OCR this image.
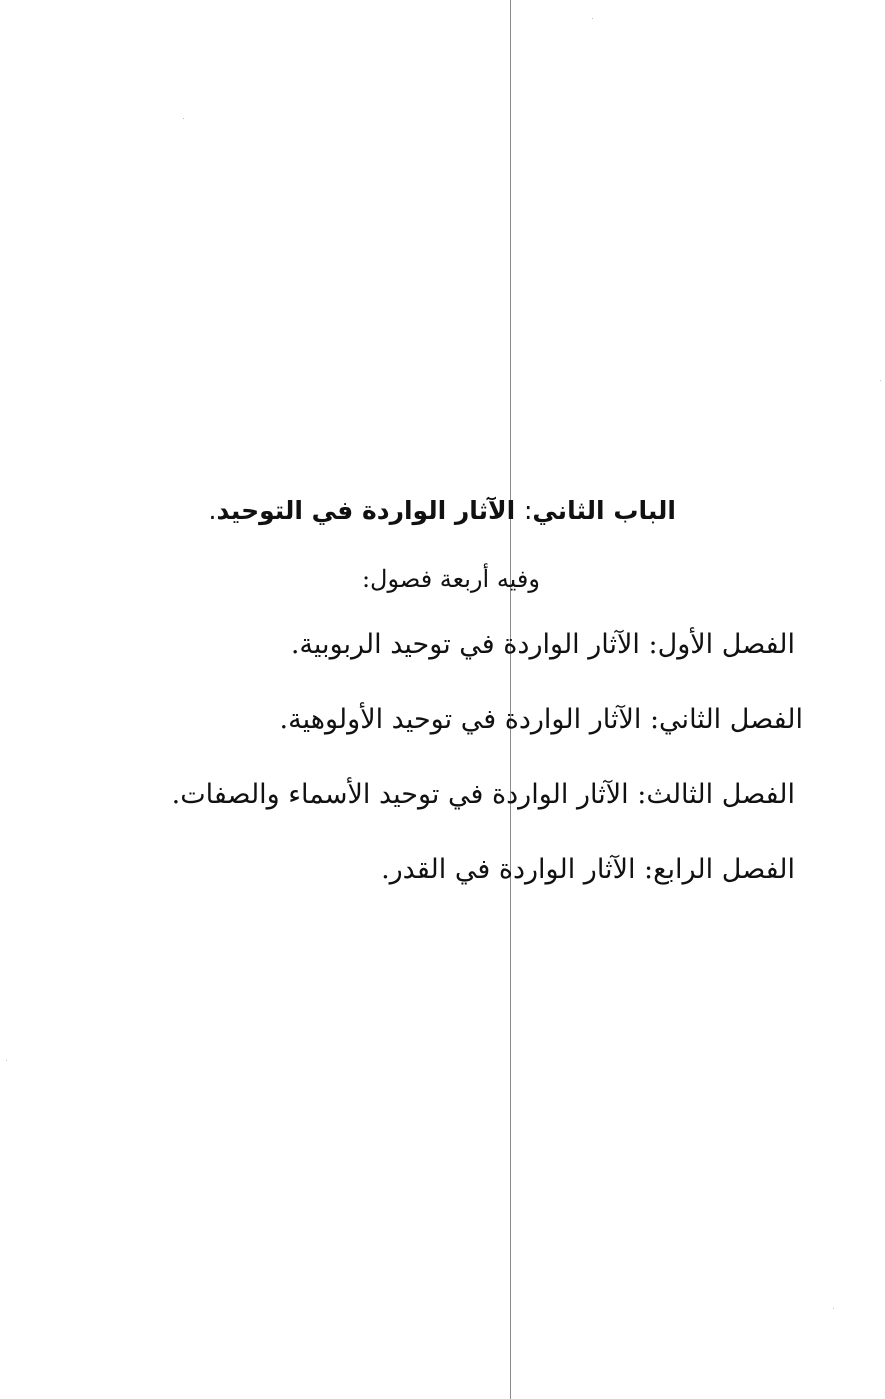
الباب الثاني: الآثار الواردة في التوحيد.
وفيه أربعة فصول:
الفصل الأول: الآثار الواردة في توحيد الربوبية.
الفصل الثاني: الآثار الواردة في توحيد الأولوهية.
الفصل الثالث: الآثار الواردة في توحيد الأسماء والصفات.
الفصل الرابع: الآثار الواردة في القدر.
